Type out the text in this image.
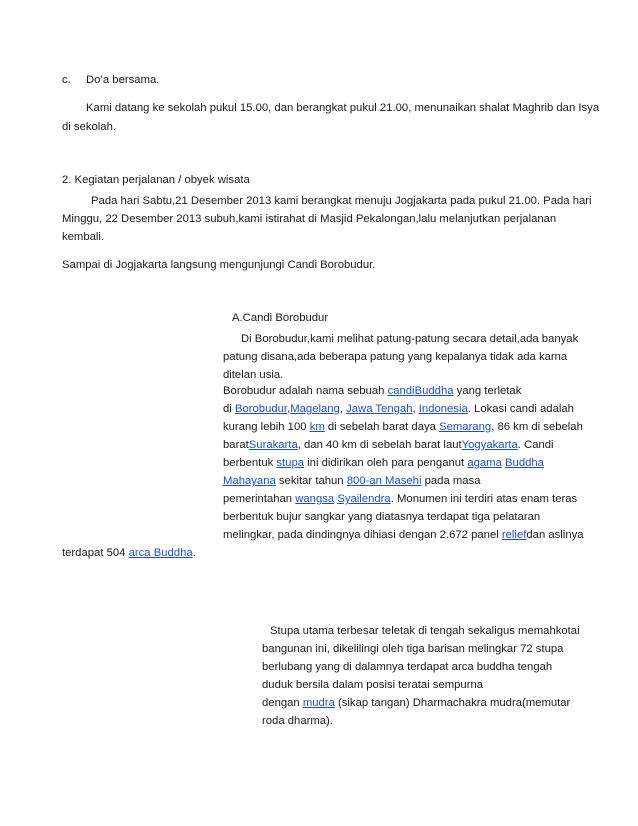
c. Do’a bersama.
Kami datang ke sekolah pukul 15.00, dan berangkat pukul 21.00, menunaikan shalat Maghrib dan Isya
di sekolah.
2. Kegiatan perjalanan / obyek wisata
Pada hari Sabtu,21 Desember 2013 kami berangkat menuju Jogjakarta pada pukul 21.00. Pada hari
Minggu, 22 Desember 2013 subuh,kami istirahat di Masjid Pekalongan,lalu melanjutkan perjalanan
kembali.
Sampai di Jogjakarta langsung mengunjungi Candi Borobudur.
A.Candi Borobudur
Di Borobudur,kami melihat patung-patung secara detail,ada banyak
patung disana,ada beberapa patung yang kepalanya tidak ada karna
ditelan usia.
Borobudur adalah nama sebuah candiBuddha yang terletak
di Borobudur,Magelang, Jawa Tengah, Indonesia. Lokasi candi adalah
kurang lebih 100 km di sebelah barat daya Semarang, 86 km di sebelah
baratSurakarta, dan 40 km di sebelah barat lautYogyakarta. Candi
berbentuk stupa ini didirikan oleh para penganut agama Buddha
Mahayana sekitar tahun 800-an Masehi pada masa
pemerintahan wangsa Syailendra. Monumen ini terdiri atas enam teras
berbentuk bujur sangkar yang diatasnya terdapat tiga pelataran
melingkar, pada dindingnya dihiasi dengan 2.672 panel reliefdan aslinya
terdapat 504 arca Buddha.
Stupa utama terbesar teletak di tengah sekaligus memahkotai
bangunan ini, dikelilingi oleh tiga barisan melingkar 72 stupa
berlubang yang di dalamnya terdapat arca buddha tengah
duduk bersila dalam posisi teratai sempurna
dengan mudra (sikap tangan) Dharmachakra mudra(memutar
roda dharma).
